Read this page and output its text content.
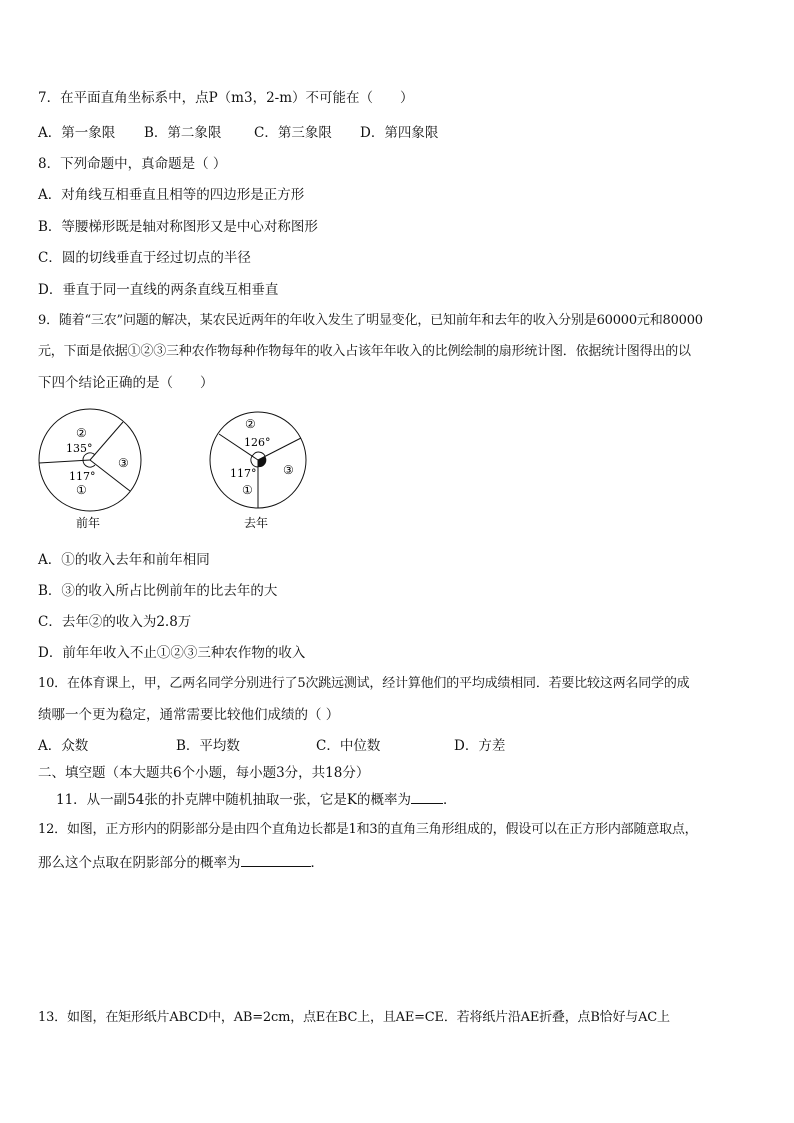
7．在平面直角坐标系中，点P（m3，2-m）不可能在（　　）
A．第一象限 B．第二象限 C．第三象限 D．第四象限
8．下列命题中，真命题是（ ）
A．对角线互相垂直且相等的四边形是正方形
B．等腰梯形既是轴对称图形又是中心对称图形
C．圆的切线垂直于经过切点的半径
D．垂直于同一直线的两条直线互相垂直
9．随着“三农”问题的解决，某农民近两年的年收入发生了明显变化，已知前年和去年的收入分别是60000元和80000
元，下面是依据①②③三种农作物每种作物每年的收入占该年年收入的比例绘制的扇形统计图．依据统计图得出的以
下四个结论正确的是（　　）
②
135°
③
117°
①
前年
②
126°
③
117°
①
去年
A．①的收入去年和前年相同
B．③的收入所占比例前年的比去年的大
C．去年②的收入为2.8万
D．前年年收入不止①②③三种农作物的收入
10．在体育课上，甲，乙两名同学分别进行了5次跳远测试，经计算他们的平均成绩相同．若要比较这两名同学的成
绩哪一个更为稳定，通常需要比较他们成绩的（ ）
A．众数	B．平均数	C．中位数	D．方差
二、填空题（本大题共6个小题，每小题3分，共18分）
11．从一副54张的扑克牌中随机抽取一张，它是K的概率为 ．
12．如图，正方形内的阴影部分是由四个直角边长都是1和3的直角三角形组成的，假设可以在正方形内部随意取点，
那么这个点取在阴影部分的概率为	．
13．如图，在矩形纸片ABCD中，AB=2cm，点E在BC上，且AE=CE．若将纸片沿AE折叠，点B恰好与AC上
